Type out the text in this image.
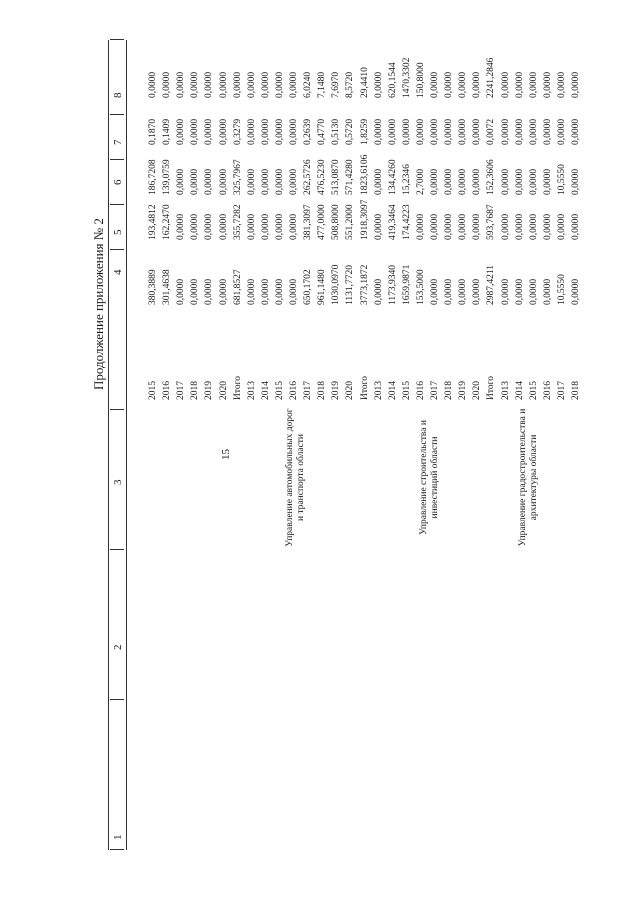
Продолжение приложения № 2
15
1
2
3
4
5
6
7
8
2015
380,3889
193,4812
186,7208
0,1870
0,0000
2016
301,4638
162,2470
139,0759
0,1409
0,0000
2017
0,0000
0,0000
0,0000
0,0000
0,0000
2018
0,0000
0,0000
0,0000
0,0000
0,0000
2019
0,0000
0,0000
0,0000
0,0000
0,0000
2020
0,0000
0,0000
0,0000
0,0000
0,0000
Итого
681,8527
355,7282
325,7967
0,3279
0,0000
2013
0,0000
0,0000
0,0000
0,0000
0,0000
2014
0,0000
0,0000
0,0000
0,0000
0,0000
2015
0,0000
0,0000
0,0000
0,0000
0,0000
2016
0,0000
0,0000
0,0000
0,0000
0,0000
2017
650,1702
381,3097
262,5726
0,2639
6,0240
2018
961,1480
477,0000
476,5230
0,4770
7,1480
2019
1030,0970
508,8000
513,0870
0,5130
7,6970
2020
1131,7720
551,2000
571,4280
0,5720
8,5720
Итого
3773,1872
1918,3097
1823,6106
1,8259
29,4410
2013
0,0000
0,0000
0,0000
0,0000
0,0000
2014
1173,9340
419,3464
134,4260
0,0000
620,1544
2015
1659,9871
174,4223
15,2346
0,0000
1470,3302
2016
153,5000
0,0000
2,7000
0,0000
150,8000
2017
0,0000
0,0000
0,0000
0,0000
0,0000
2018
0,0000
0,0000
0,0000
0,0000
0,0000
2019
0,0000
0,0000
0,0000
0,0000
0,0000
2020
0,0000
0,0000
0,0000
0,0000
0,0000
Итого
2987,4211
593,7687
152,3606
0,0072
2241,2846
2013
0,0000
0,0000
0,0000
0,0000
0,0000
2014
0,0000
0,0000
0,0000
0,0000
0,0000
2015
0,0000
0,0000
0,0000
0,0000
0,0000
2016
0,0000
0,0000
0,0000
0,0000
0,0000
2017
10,5550
0,0000
10,5550
0,0000
0,0000
2018
0,0000
0,0000
0,0000
0,0000
0,0000
Управление автомобильных дорог и транспорта области	Управление строительства и инвестиций области	Управление градостроительства и архитектуры области
